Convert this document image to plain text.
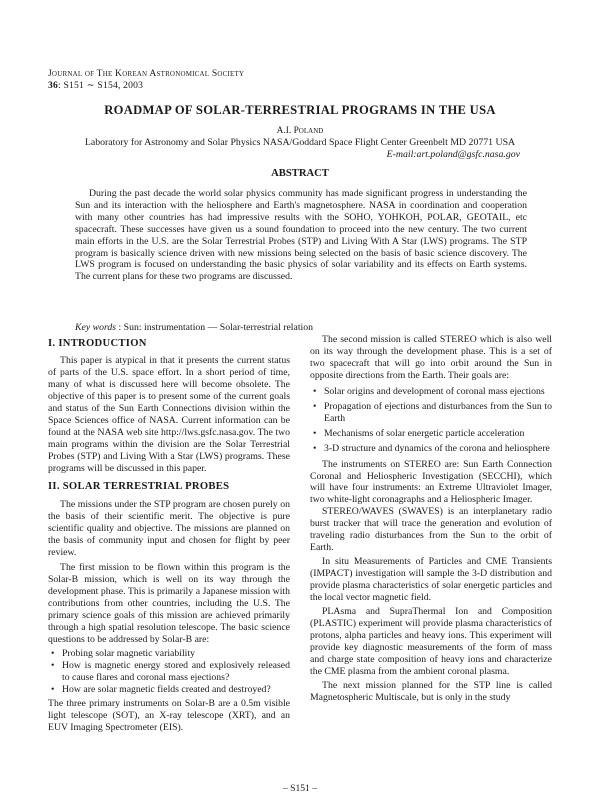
Journal of The Korean Astronomical Society
36: S151 ∼ S154, 2003
ROADMAP OF SOLAR-TERRESTRIAL PROGRAMS IN THE USA
A.I. Poland
Laboratory for Astronomy and Solar Physics NASA/Goddard Space Flight Center Greenbelt MD 20771 USA
E-mail:art.poland@gsfc.nasa.gov
ABSTRACT
During the past decade the world solar physics community has made significant progress in understanding the Sun and its interaction with the heliosphere and Earth's magnetosphere. NASA in coordination and cooperation with many other countries has had impressive results with the SOHO, YOHKOH, POLAR, GEOTAIL, etc spacecraft. These successes have given us a sound foundation to proceed into the new century. The two current main efforts in the U.S. are the Solar Terrestrial Probes (STP) and Living With A Star (LWS) programs. The STP program is basically science driven with new missions being selected on the basis of basic science discovery. The LWS program is focused on understanding the basic physics of solar variability and its effects on Earth systems. The current plans for these two programs are discussed.
Key words : Sun: instrumentation — Solar-terrestrial relation
I. INTRODUCTION

This paper is atypical in that it presents the current status of parts of the U.S. space effort. In a short period of time, many of what is discussed here will become obsolete. The objective of this paper is to present some of the current goals and status of the Sun Earth Connections division within the Space Sciences office of NASA. Current information can be found at the NASA web site http://lws.gsfc.nasa.gov. The two main programs within the division are the Solar Terrestrial Probes (STP) and Living With a Star (LWS) programs. These programs will be discussed in this paper.

II. SOLAR TERRESTRIAL PROBES

The missions under the STP program are chosen purely on the basis of their scientific merit. The objective is pure scientific quality and objective. The missions are planned on the basis of community input and chosen for flight by peer review.

The first mission to be flown within this program is the Solar-B mission, which is well on its way through the development phase. This is primarily a Japanese mission with contributions from other countries, including the U.S. The primary science goals of this mission are achieved primarily through a high spatial resolution telescope. The basic science questions to be addressed by Solar-B are:

• Probing solar magnetic variability
• How is magnetic energy stored and explosively released to cause flares and coronal mass ejections?
• How are solar magnetic fields created and destroyed?

The three primary instruments on Solar-B are a 0.5m visible light telescope (SOT), an X-ray telescope (XRT), and an EUV Imaging Spectrometer (EIS).

The second mission is called STEREO which is also well on its way through the development phase. This is a set of two spacecraft that will go into orbit around the Sun in opposite directions from the Earth. Their goals are:

• Solar origins and development of coronal mass ejections
• Propagation of ejections and disturbances from the Sun to Earth
• Mechanisms of solar energetic particle acceleration
• 3-D structure and dynamics of the corona and heliosphere

The instruments on STEREO are: Sun Earth Connection Coronal and Heliospheric Investigation (SECCHI), which will have four instruments: an Extreme Ultraviolet Imager, two white-light coronagraphs and a Heliospheric Imager.

STEREO/WAVES (SWAVES) is an interplanetary radio burst tracker that will trace the generation and evolution of traveling radio disturbances from the Sun to the orbit of Earth.

In situ Measurements of Particles and CME Transients (IMPACT) investigation will sample the 3-D distribution and provide plasma characteristics of solar energetic particles and the local vector magnetic field.

PLAsma and SupraThermal Ion and Composition (PLASTIC) experiment will provide plasma characteristics of protons, alpha particles and heavy ions. This experiment will provide key diagnostic measurements of the form of mass and charge state composition of heavy ions and characterize the CME plasma from the ambient coronal plasma.

The next mission planned for the STP line is called Magnetospheric Multiscale, but is only in the study

– S151 –
